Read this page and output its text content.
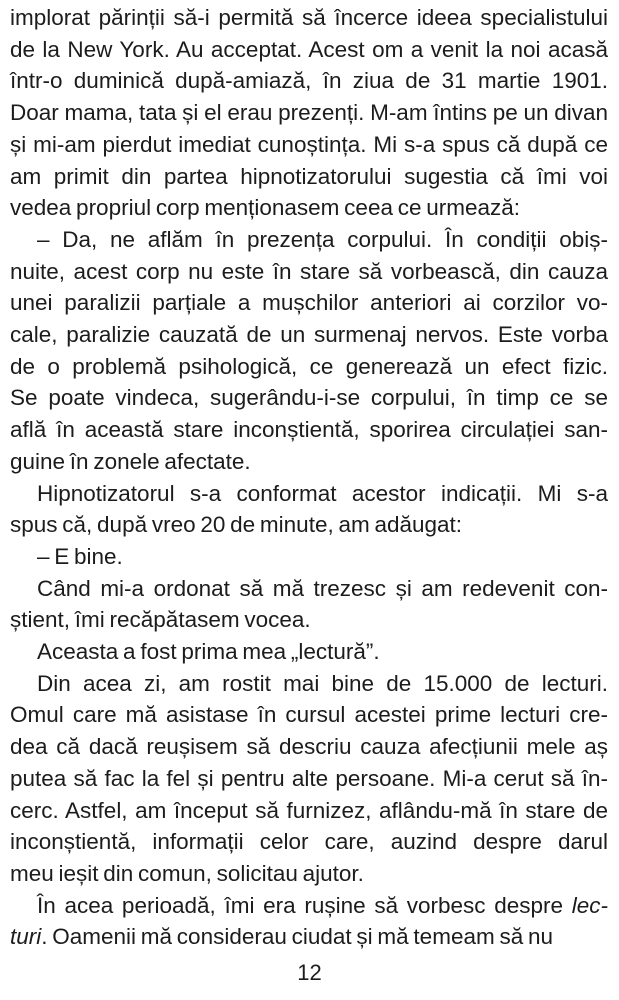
implorat părinții să-i permită să încerce ideea specialistului
de la New York. Au acceptat. Acest om a venit la noi acasă
într-o duminică după-amiază, în ziua de 31 martie 1901.
Doar mama, tata și el erau prezenți. M-am întins pe un divan
și mi-am pierdut imediat cunoștința. Mi s-a spus că după ce
am primit din partea hipnotizatorului sugestia că îmi voi
vedea propriul corp menționasem ceea ce urmează:
– Da, ne aflăm în prezența corpului. În condiții obiș-
nuite, acest corp nu este în stare să vorbească, din cauza
unei paralizii parțiale a mușchilor anteriori ai corzilor vo-
cale, paralizie cauzată de un surmenaj nervos. Este vorba
de o problemă psihologică, ce generează un efect fizic.
Se poate vindeca, sugerându-i-se corpului, în timp ce se
află în această stare inconștientă, sporirea circulației san-
guine în zonele afectate.
Hipnotizatorul s-a conformat acestor indicații. Mi s-a
spus că, după vreo 20 de minute, am adăugat:
– E bine.
Când mi-a ordonat să mă trezesc și am redevenit con-
știent, îmi recăpătasem vocea.
Aceasta a fost prima mea „lectură”.
Din acea zi, am rostit mai bine de 15.000 de lecturi.
Omul care mă asistase în cursul acestei prime lecturi cre-
dea că dacă reușisem să descriu cauza afecțiunii mele aș
putea să fac la fel și pentru alte persoane. Mi-a cerut să în-
cerc. Astfel, am început să furnizez, aflându-mă în stare de
inconștientă, informații celor care, auzind despre darul
meu ieșit din comun, solicitau ajutor.
În acea perioadă, îmi era rușine să vorbesc despre lec-
turi. Oamenii mă considerau ciudat și mă temeam să nu
12
